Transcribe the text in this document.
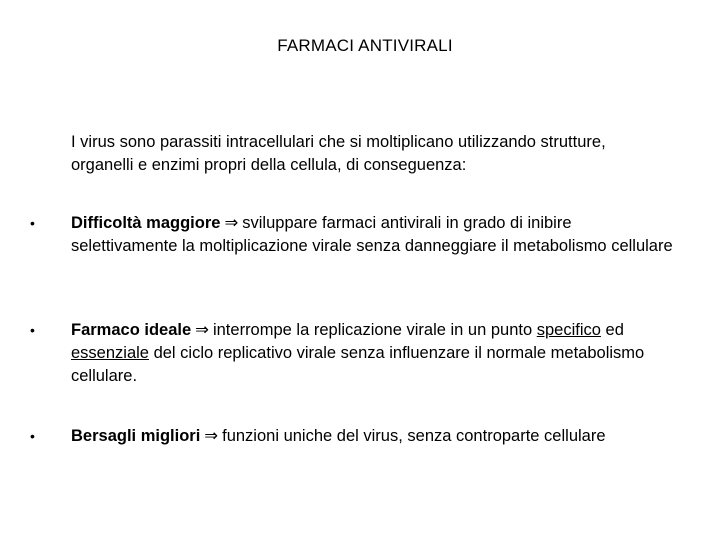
FARMACI ANTIVIRALI
I virus sono parassiti intracellulari che si moltiplicano utilizzando strutture, organelli e enzimi propri della cellula, di conseguenza:
• Difficoltà maggiore ⇒ sviluppare farmaci antivirali in grado di inibire selettivamente la moltiplicazione virale senza danneggiare il metabolismo cellulare
• Farmaco ideale ⇒ interrompe la replicazione virale in un punto specifico ed essenziale del ciclo replicativo virale senza influenzare il normale metabolismo cellulare.
• Bersagli migliori ⇒ funzioni uniche del virus, senza controparte cellulare
